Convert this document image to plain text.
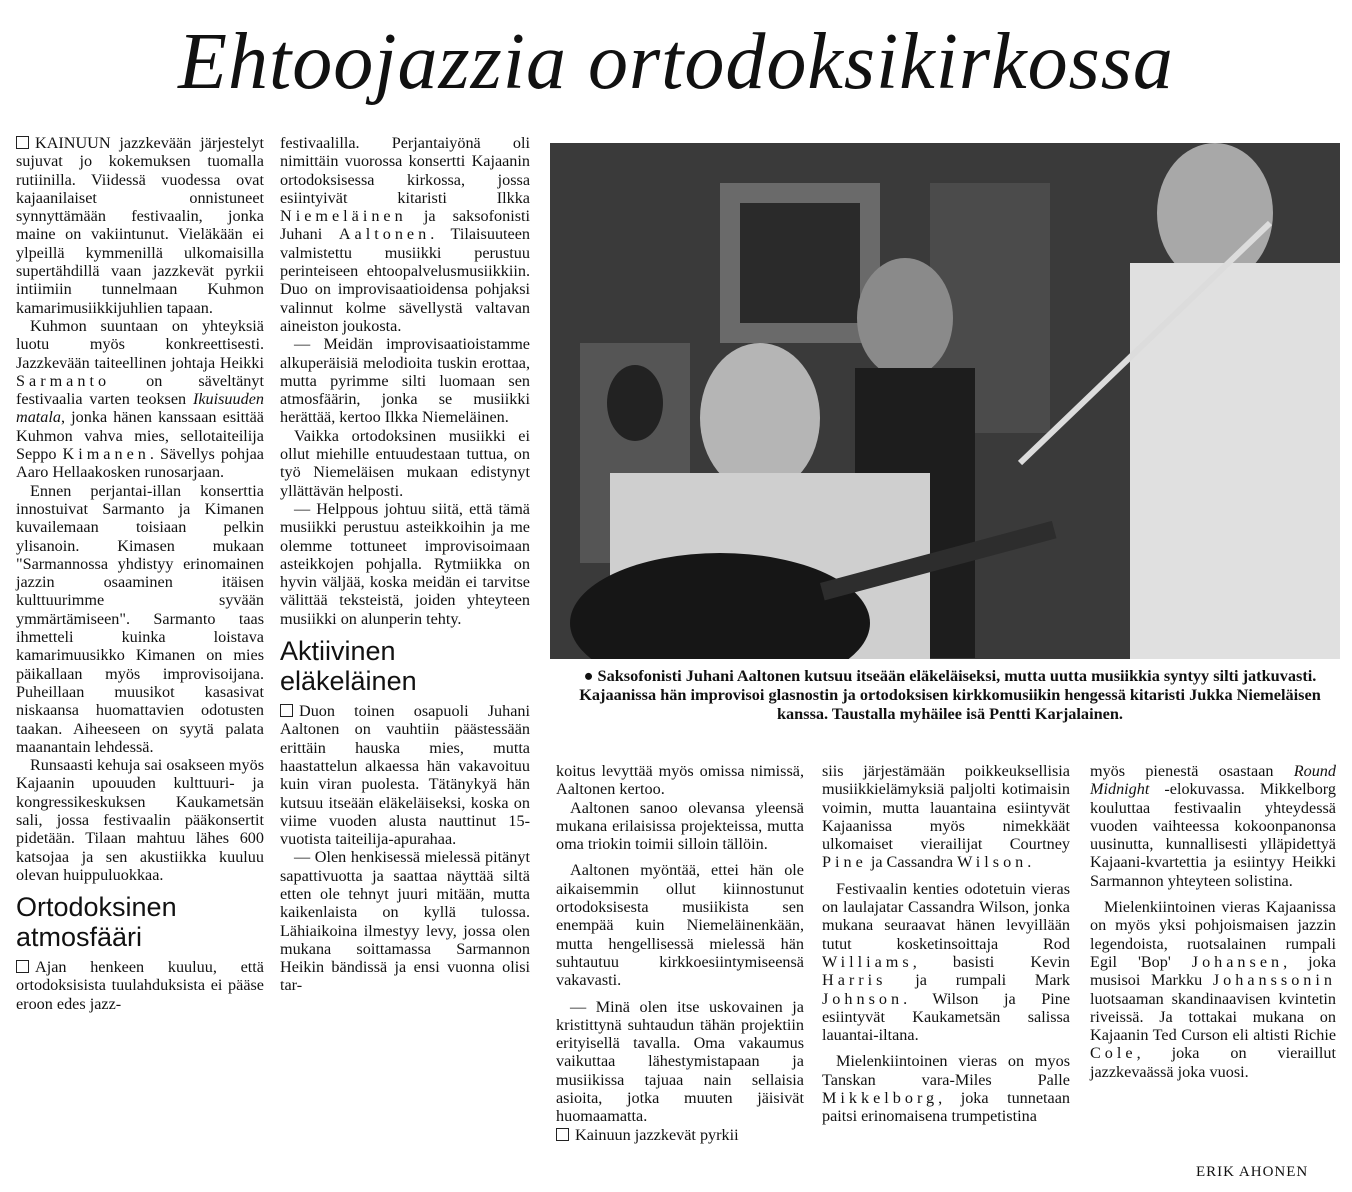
Ehtoojazzia ortodoksikirkossa

KAINUUN jazzkevään järjestelyt sujuvat jo kokemuksen tuomalla rutiinilla. Viidessä vuodessa ovat kajaanilaiset onnistuneet synnyttämään festivaalin, jonka maine on vakiintunut. Vieläkään ei ylpeillä kymmenillä ulkomaisilla supertähdillä vaan jazzkevät pyrkii intiimiin tunnelmaan Kuhmon kamarimusiikkijuhlien tapaan.

Kuhmon suuntaan on yhteyksiä luotu myös konkreettisesti. Jazzkevään taiteellinen johtaja Heikki Sarmanto on säveltänyt festivaalia varten teoksen Ikuisuuden matala, jonka hänen kanssaan esittää Kuhmon vahva mies, sellotaiteilija Seppo Kimanen. Sävellys pohjaa Aaro Hellaakosken runosarjaan.

Ennen perjantai-illan konserttia innostuivat Sarmanto ja Kimanen kuvailemaan toisiaan pelkin ylisanoin. Kimasen mukaan "Sarmannossa yhdistyy erinomainen jazzin osaaminen itäisen kulttuurimme syvään ymmärtämiseen". Sarmanto taas ihmetteli kuinka loistava kamarimuusikko Kimanen on mies päikallaan myös improvisoijana. Puheillaan muusikot kasasivat niskaansa huomattavien odotusten taakan. Aiheeseen on syytä palata maanantain lehdessä.

Runsaasti kehuja sai osakseen myös Kajaanin upouuden kulttuuri- ja kongressikeskuksen Kaukametsän sali, jossa festivaalin pääkonsertit pidetään. Tilaan mahtuu lähes 600 katsojaa ja sen akustiikka kuuluu olevan huippuluokkaa.

Ortodoksinen atmosfääri

Ajan henkeen kuuluu, että ortodoksisista tuulahduksista ei pääse eroon edes jazz-

festivaalilla. Perjantaiyönä oli nimittäin vuorossa konsertti Kajaanin ortodoksisessa kirkossa, jossa esiintyivät kitaristi Ilkka Niemeläinen ja saksofonisti Juhani Aaltonen. Tilaisuuteen valmistettu musiikki perustuu perinteiseen ehtoopalvelusmusiikkiin. Duo on improvisaatioidensa pohjaksi valinnut kolme sävellystä valtavan aineiston joukosta.

— Meidän improvisaatioistamme alkuperäisiä melodioita tuskin erottaa, mutta pyrimme silti luomaan sen atmosfäärin, jonka se musiikki herättää, kertoo Ilkka Niemeläinen.

Vaikka ortodoksinen musiikki ei ollut miehille entuudestaan tuttua, on työ Niemeläisen mukaan edistynyt yllättävän helposti.

— Helppous johtuu siitä, että tämä musiikki perustuu asteikkoihin ja me olemme tottuneet improvisoimaan asteikkojen pohjalla. Rytmiikka on hyvin väljää, koska meidän ei tarvitse välittää teksteistä, joiden yhteyteen musiikki on alunperin tehty.

Aktiivinen eläkeläinen

Duon toinen osapuoli Juhani Aaltonen on vauhtiin päästessään erittäin hauska mies, mutta haastattelun alkaessa hän vakavoituu kuin viran puolesta. Tätänykyä hän kutsuu itseään eläkeläiseksi, koska on viime vuoden alusta nauttinut 15-vuotista taiteilija-apurahaa.

— Olen henkisessä mielessä pitänyt sapattivuotta ja saattaa näyttää siltä etten ole tehnyt juuri mitään, mutta kaikenlaista on kyllä tulossa. Lähiaikoina ilmestyy levy, jossa olen mukana soittamassa Sarmannon Heikin bändissä ja ensi vuonna olisi tar-

● Saksofonisti Juhani Aaltonen kutsuu itseään eläkeläiseksi, mutta uutta musiikkia syntyy silti jatkuvasti. Kajaanissa hän improvisoi glasnostin ja ortodoksisen kirkkomusiikin hengessä kitaristi Jukka Niemeläisen kanssa. Taustalla myhäilee isä Pentti Karjalainen.

koitus levyttää myös omissa nimissä, Aaltonen kertoo.

Aaltonen sanoo olevansa yleensä mukana erilaisissa projekteissa, mutta oma triokin toimii silloin tällöin.

Aaltonen myöntää, ettei hän ole aikaisemmin ollut kiinnostunut ortodoksisesta musiikista sen enempää kuin Niemeläinenkään, mutta hengellisessä mielessä hän suhtautuu kirkkoesiintymiseensä vakavasti.

— Minä olen itse uskovainen ja kristittynä suhtaudun tähän projektiin erityisellä tavalla. Oma vakaumus vaikuttaa lähestymistapaan ja musiikissa tajuaa nain sellaisia asioita, jotka muuten jäisivät huomaamatta.

Kainuun jazzkevät pyrkii

siis järjestämään poikkeuksellisia musiikkielämyksiä paljolti kotimaisin voimin, mutta lauantaina esiintyvät Kajaanissa myös nimekkäät ulkomaiset vierailijat Courtney Pine ja Cassandra Wilson.

Festivaalin kenties odotetuin vieras on laulajatar Cassandra Wilson, jonka mukana seuraavat hänen levyillään tutut kosketinsoittaja Rod Williams, basisti Kevin Harris ja rumpali Mark Johnson. Wilson ja Pine esiintyvät Kaukametsän salissa lauantai-iltana.

Mielenkiintoinen vieras on myos Tanskan vara-Miles Palle Mikkelborg, joka tunnetaan paitsi erinomaisena trumpetistina

myös pienestä osastaan Round Midnight -elokuvassa. Mikkelborg kouluttaa festivaalin yhteydessä vuoden vaihteessa kokoonpanonsa uusinutta, kunnallisesti ylläpidettyä Kajaani-kvartettia ja esiintyy Heikki Sarmannon yhteyteen solistina.

Mielenkiintoinen vieras Kajaanissa on myös yksi pohjoismaisen jazzin legendoista, ruotsalainen rumpali Egil 'Bop' Johansen, joka musisoi Markku Johanssonin luotsaaman skandinaavisen kvintetin riveissä. Ja tottakai mukana on Kajaanin Ted Curson eli altisti Richie Cole, joka on vieraillut jazzkevaässä joka vuosi.

ERIK AHONEN
